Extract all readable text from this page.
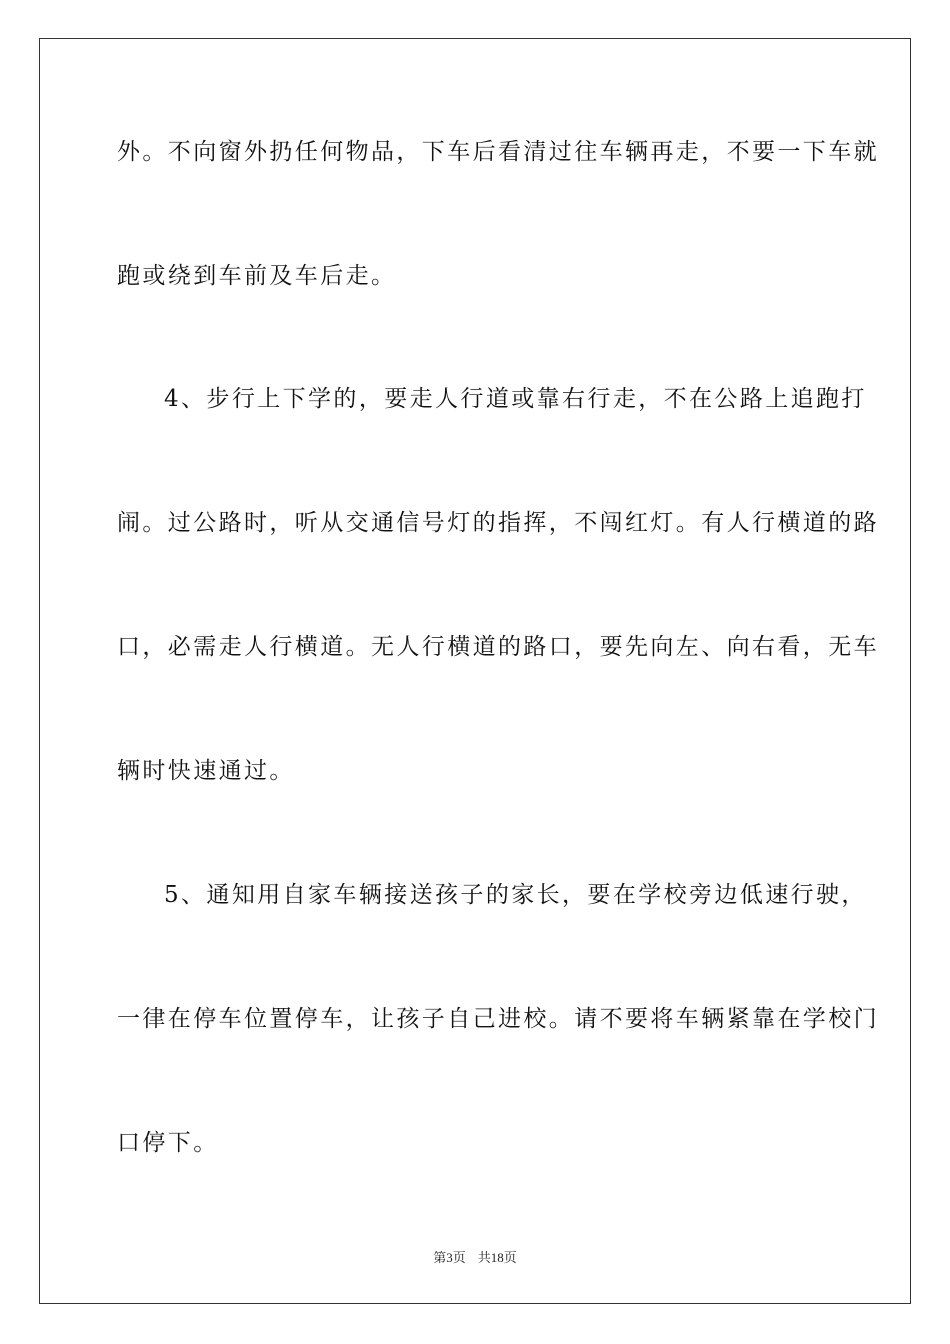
外。不向窗外扔任何物品，下车后看清过往车辆再走，不要一下车就
跑或绕到车前及车后走。
4、步行上下学的，要走人行道或靠右行走，不在公路上追跑打
闹。过公路时，听从交通信号灯的指挥，不闯红灯。有人行横道的路
口，必需走人行横道。无人行横道的路口，要先向左、向右看，无车
辆时快速通过。
5、通知用自家车辆接送孩子的家长，要在学校旁边低速行驶，
一律在停车位置停车，让孩子自己进校。请不要将车辆紧靠在学校门
口停下。
第3页 共18页
